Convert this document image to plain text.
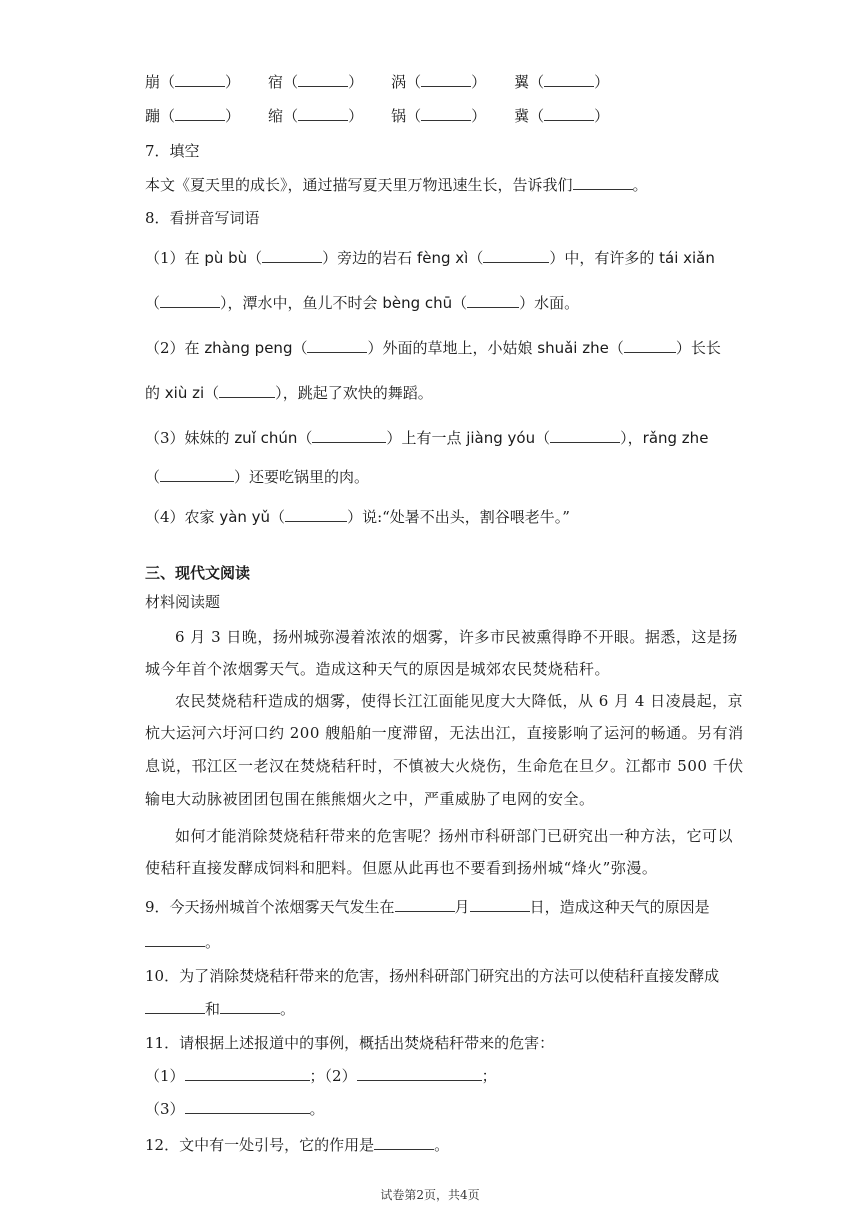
崩（	） 宿（	） 涡（	） 翼（	）
蹦（	） 缩（	） 锅（	） 冀（	）
7．填空
本文《夏天里的成长》，通过描写夏天里万物迅速生长，告诉我们	。
8．看拼音写词语
（1）在 pù bù（	）旁边的岩石 fèng xì（	）中，有许多的 tái xiǎn
（	），潭水中，鱼儿不时会 bèng chū（	）水面。
（2）在 zhàng peng（	）外面的草地上，小姑娘 shuǎi zhe（	）长长
的 xiù zi（	），跳起了欢快的舞蹈。
（3）妹妹的 zuǐ chún（	）上有一点 jiàng yóu（	），rǎng zhe
（	）还要吃锅里的肉。
（4）农家 yàn yǔ（	）说:“处暑不出头，割谷喂老牛。”
三、现代文阅读
材料阅读题
6 月 3 日晚，扬州城弥漫着浓浓的烟雾，许多市民被熏得睁不开眼。据悉，这是扬
城今年首个浓烟雾天气。造成这种天气的原因是城郊农民焚烧秸秆。
农民焚烧秸秆造成的烟雾，使得长江江面能见度大大降低，从 6 月 4 日凌晨起，京
杭大运河六圩河口约 200 艘船舶一度滞留，无法出江，直接影响了运河的畅通。另有消
息说，邗江区一老汉在焚烧秸秆时，不慎被大火烧伤，生命危在旦夕。江都市 500 千伏
输电大动脉被团团包围在熊熊烟火之中，严重威胁了电网的安全。
如何才能消除焚烧秸秆带来的危害呢？扬州市科研部门已研究出一种方法，它可以
使秸秆直接发酵成饲料和肥料。但愿从此再也不要看到扬州城“烽火”弥漫。
9．今天扬州城首个浓烟雾天气发生在	月	日，造成这种天气的原因是
。
10．为了消除焚烧秸秆带来的危害，扬州科研部门研究出的方法可以使秸秆直接发酵成
和	。
11．请根据上述报道中的事例，概括出焚烧秸秆带来的危害：
（1）	；（2）	；
（3）	。
12．文中有一处引号，它的作用是	。
试卷第2页，共4页
